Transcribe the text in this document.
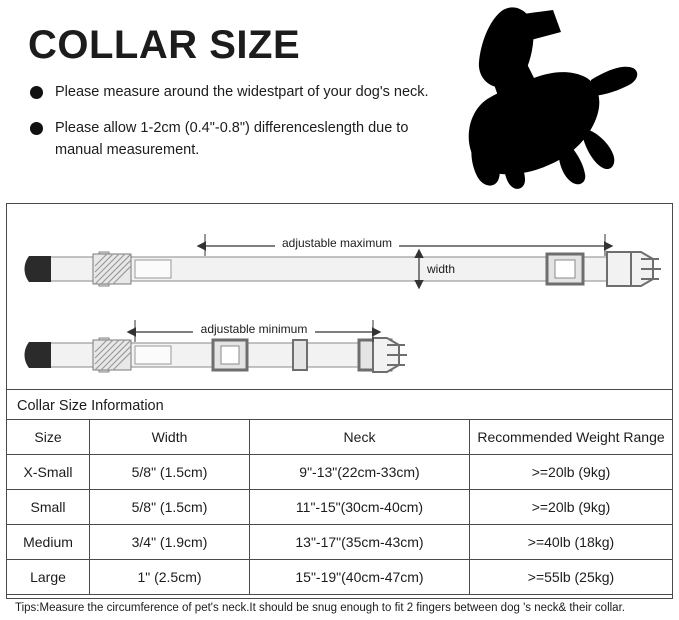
COLLAR SIZE
Please measure around the widestpart of your dog's neck.
Please allow 1-2cm (0.4"-0.8") differenceslength due to manual measurement.
adjustable maximum
width
adjustable minimum
Collar Size Information
Size	Width	Neck	Recommended Weight Range
X-Small	5/8" (1.5cm)	9"-13"(22cm-33cm)	>=20lb (9kg)
Small	5/8" (1.5cm)	11"-15"(30cm-40cm)	>=20lb (9kg)
Medium	3/4" (1.9cm)	13"-17"(35cm-43cm)	>=40lb (18kg)
Large	1" (2.5cm)	15"-19"(40cm-47cm)	>=55lb (25kg)
Tips:Measure the circumference of pet's neck.It should be snug enough to fit 2 fingers between dog 's neck& their collar.
